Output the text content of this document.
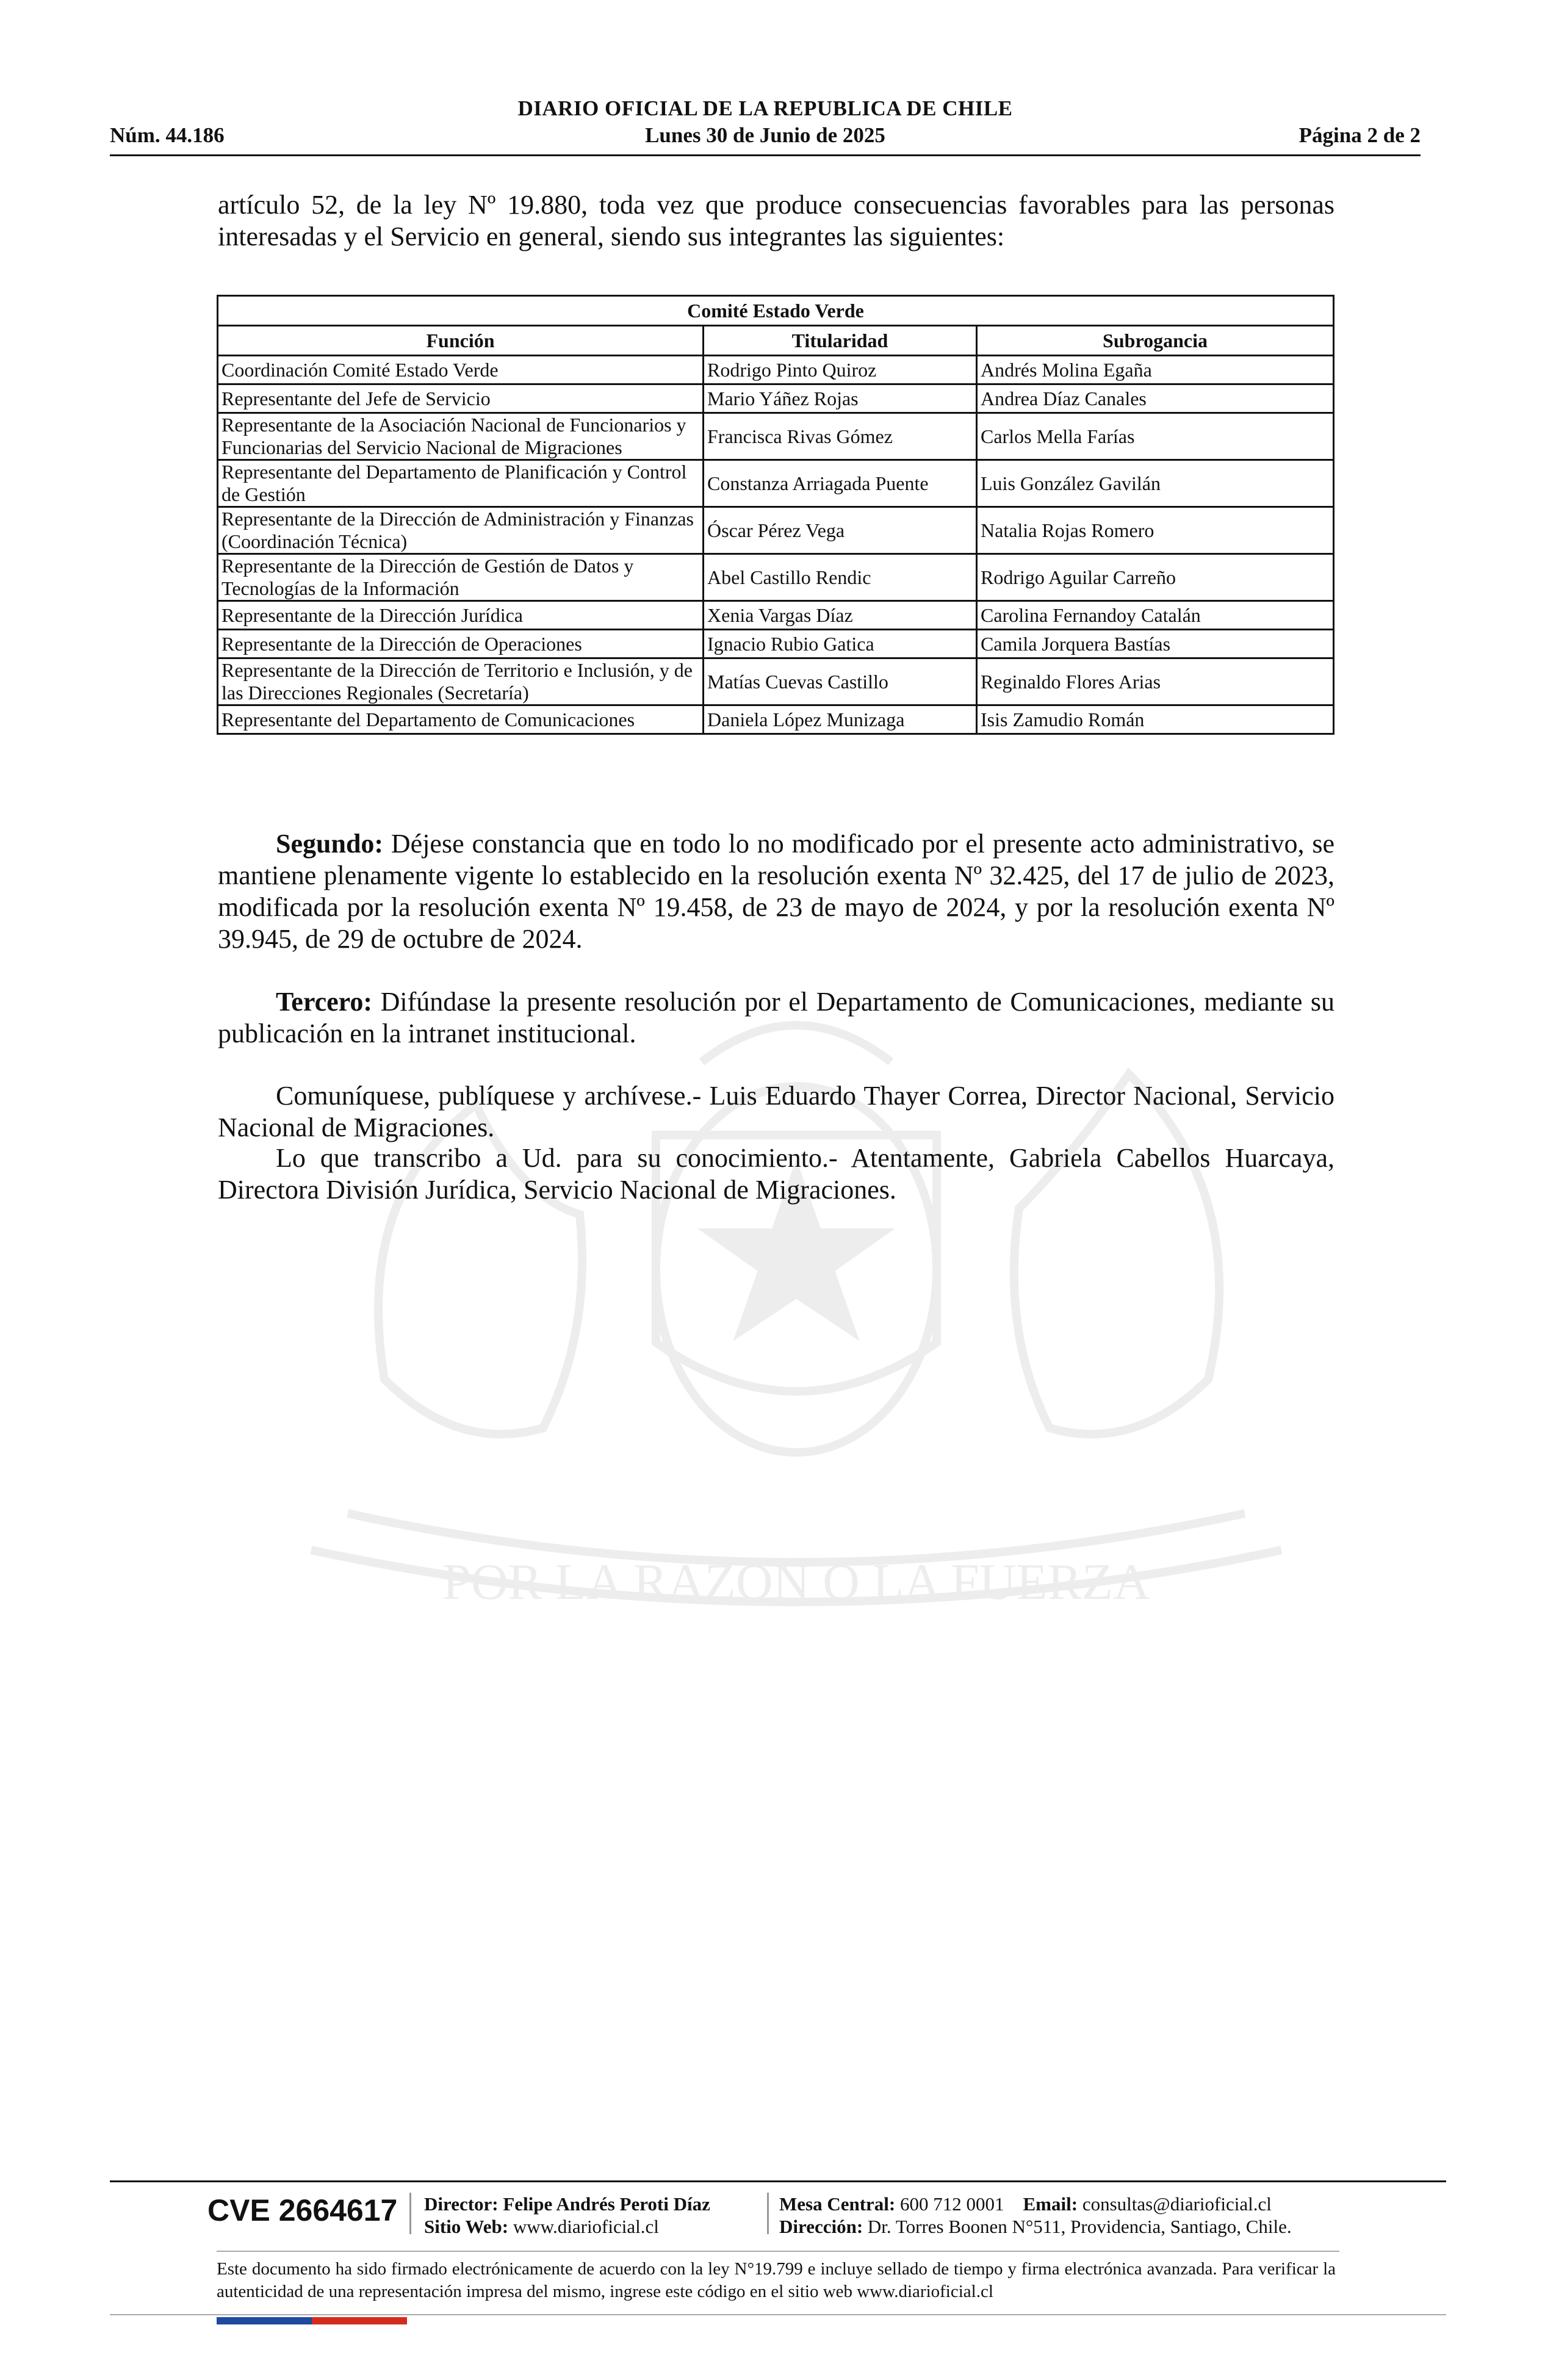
POR LA RAZON O LA FUERZA
DIARIO OFICIAL DE LA REPUBLICA DE CHILE
Núm. 44.186	Lunes 30 de Junio de 2025	Página 2 de 2

artículo 52, de la ley Nº 19.880, toda vez que produce consecuencias favorables para las personas interesadas y el Servicio en general, siendo sus integrantes las siguientes:

Comité Estado Verde		
Función	Titularidad	Subrogancia
Coordinación Comité Estado Verde	Rodrigo Pinto Quiroz	Andrés Molina Egaña
Representante del Jefe de Servicio	Mario Yáñez Rojas	Andrea Díaz Canales
Representante de la Asociación Nacional de Funcionarios y Funcionarias del Servicio Nacional de Migraciones	Francisca Rivas Gómez	Carlos Mella Farías
Representante del Departamento de Planificación y Control de Gestión	Constanza Arriagada Puente	Luis González Gavilán
Representante de la Dirección de Administración y Finanzas (Coordinación Técnica)	Óscar Pérez Vega	Natalia Rojas Romero
Representante de la Dirección de Gestión de Datos y Tecnologías de la Información	Abel Castillo Rendic	Rodrigo Aguilar Carreño
Representante de la Dirección Jurídica	Xenia Vargas Díaz	Carolina Fernandoy Catalán
Representante de la Dirección de Operaciones	Ignacio Rubio Gatica	Camila Jorquera Bastías
Representante de la Dirección de Territorio e Inclusión, y de las Direcciones Regionales (Secretaría)	Matías Cuevas Castillo	Reginaldo Flores Arias
Representante del Departamento de Comunicaciones	Daniela López Munizaga	Isis Zamudio Román

Segundo: Déjese constancia que en todo lo no modificado por el presente acto administrativo, se mantiene plenamente vigente lo establecido en la resolución exenta Nº 32.425, del 17 de julio de 2023, modificada por la resolución exenta Nº 19.458, de 23 de mayo de 2024, y por la resolución exenta Nº 39.945, de 29 de octubre de 2024.

Tercero: Difúndase la presente resolución por el Departamento de Comunicaciones, mediante su publicación en la intranet institucional.

Comuníquese, publíquese y archívese.- Luis Eduardo Thayer Correa, Director Nacional, Servicio Nacional de Migraciones.

Lo que transcribo a Ud. para su conocimiento.- Atentamente, Gabriela Cabellos Huarcaya, Directora División Jurídica, Servicio Nacional de Migraciones.

CVE 2664617 Director: Felipe Andrés Peroti Díaz
Sitio Web: www.diarioficial.cl
Mesa Central: 600 712 0001 Email: consultas@diarioficial.cl
Dirección: Dr. Torres Boonen N°511, Providencia, Santiago, Chile.
Este documento ha sido firmado electrónicamente de acuerdo con la ley N°19.799 e incluye sellado de tiempo y firma electrónica avanzada. Para verificar la autenticidad de una representación impresa del mismo, ingrese este código en el sitio web www.diarioficial.cl
